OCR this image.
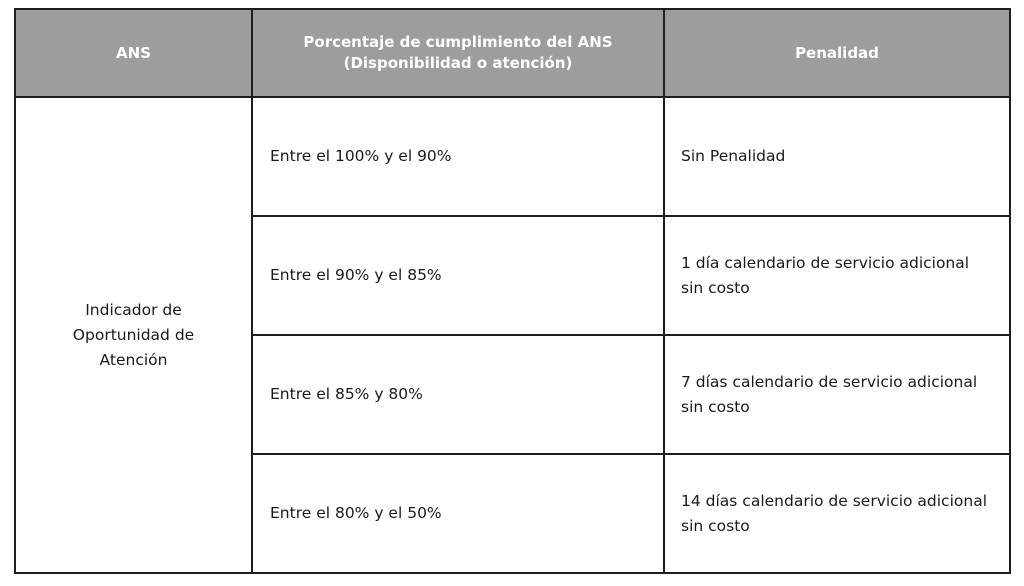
ANS	Porcentaje de cumplimiento del ANS (Disponibilidad o atención)	Penalidad
Indicador de Oportunidad de Atención	Entre el 100% y el 90%	Sin Penalidad
	Entre el 90% y el 85%	1 día calendario de servicio adicional sin costo
	Entre el 85% y 80%	7 días calendario de servicio adicional sin costo
	Entre el 80% y el 50%	14 días calendario de servicio adicional sin costo
